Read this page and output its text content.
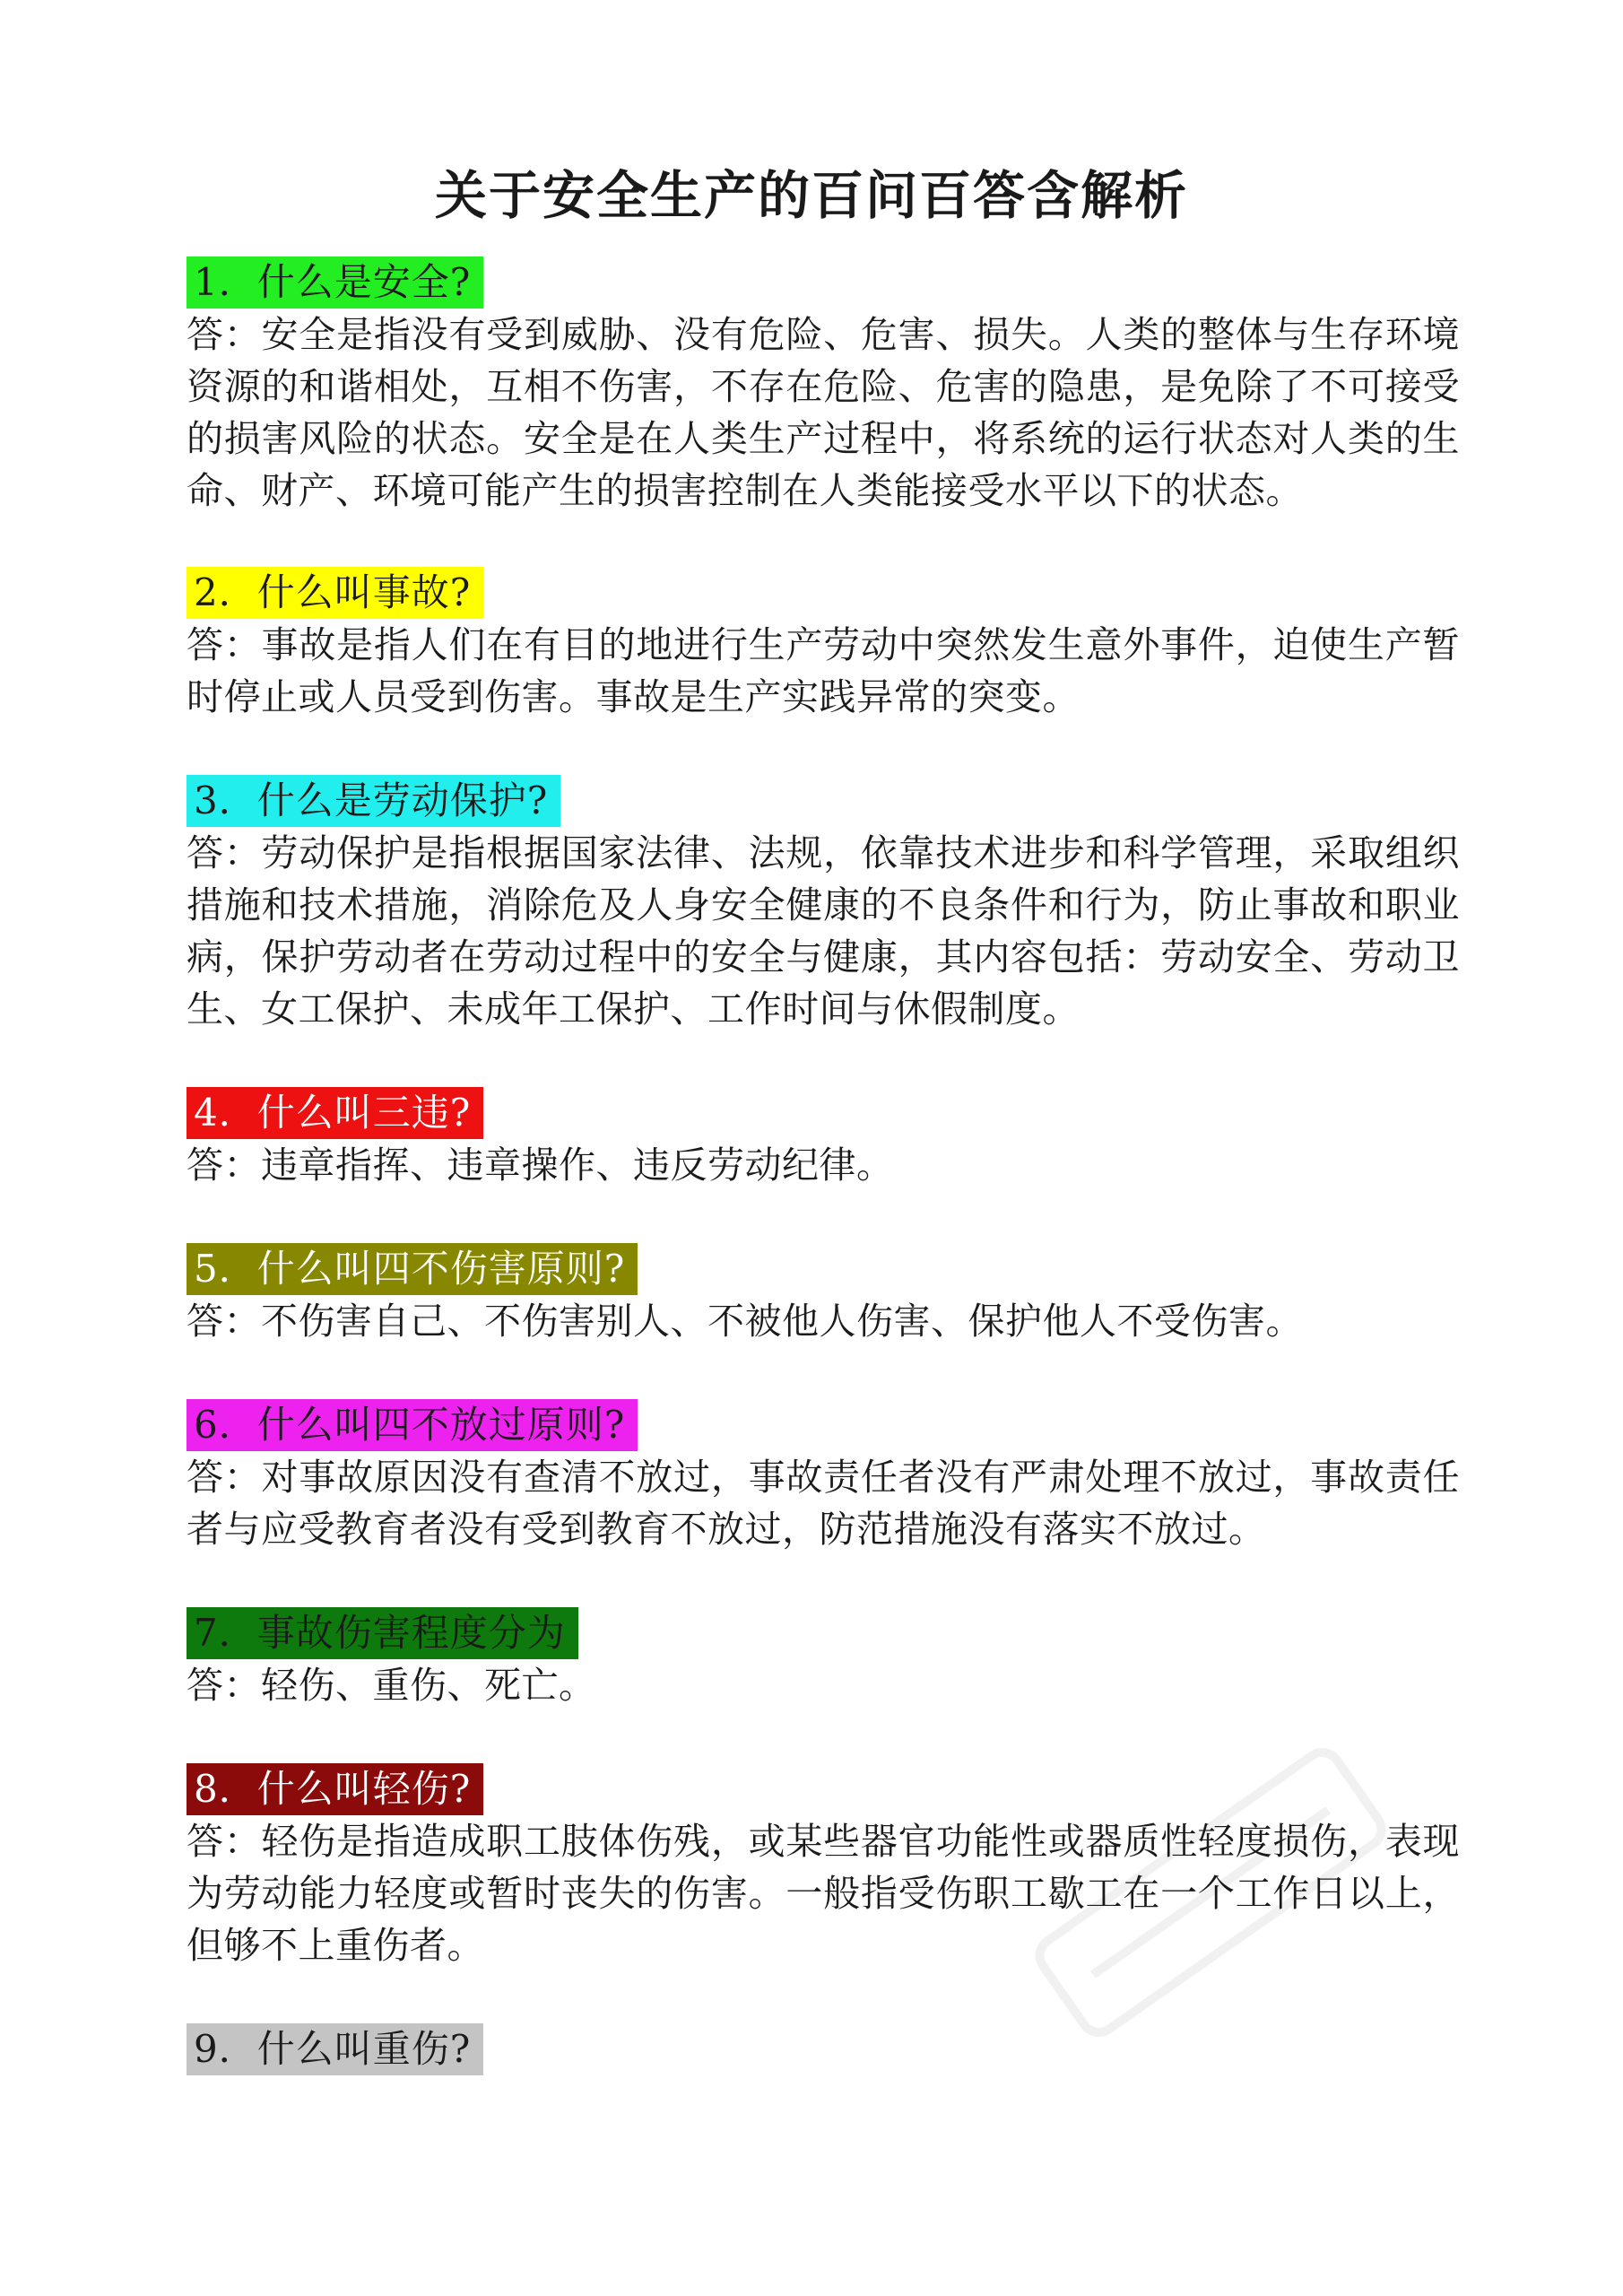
关于安全生产的百问百答含解析
1．什么是安全?

答：安全是指没有受到威胁、没有危险、危害、损失。人类的整体与生存环境资源的和谐相处，互相不伤害，不存在危险、危害的隐患，是免除了不可接受的损害风险的状态。安全是在人类生产过程中，将系统的运行状态对人类的生命、财产、环境可能产生的损害控制在人类能接受水平以下的状态。

2．什么叫事故?

答：事故是指人们在有目的地进行生产劳动中突然发生意外事件，迫使生产暂时停止或人员受到伤害。事故是生产实践异常的突变。

3．什么是劳动保护?

答：劳动保护是指根据国家法律、法规，依靠技术进步和科学管理，采取组织措施和技术措施，消除危及人身安全健康的不良条件和行为，防止事故和职业病，保护劳动者在劳动过程中的安全与健康，其内容包括：劳动安全、劳动卫生、女工保护、未成年工保护、工作时间与休假制度。

4．什么叫三违?

答：违章指挥、违章操作、违反劳动纪律。

5．什么叫四不伤害原则?

答：不伤害自己、不伤害别人、不被他人伤害、保护他人不受伤害。

6．什么叫四不放过原则?

答：对事故原因没有查清不放过，事故责任者没有严肃处理不放过，事故责任者与应受教育者没有受到教育不放过，防范措施没有落实不放过。

7．事故伤害程度分为

答：轻伤、重伤、死亡。

8．什么叫轻伤?

答：轻伤是指造成职工肢体伤残，或某些器官功能性或器质性轻度损伤，表现为劳动能力轻度或暂时丧失的伤害。一般指受伤职工歇工在一个工作日以上，但够不上重伤者。

9．什么叫重伤?
